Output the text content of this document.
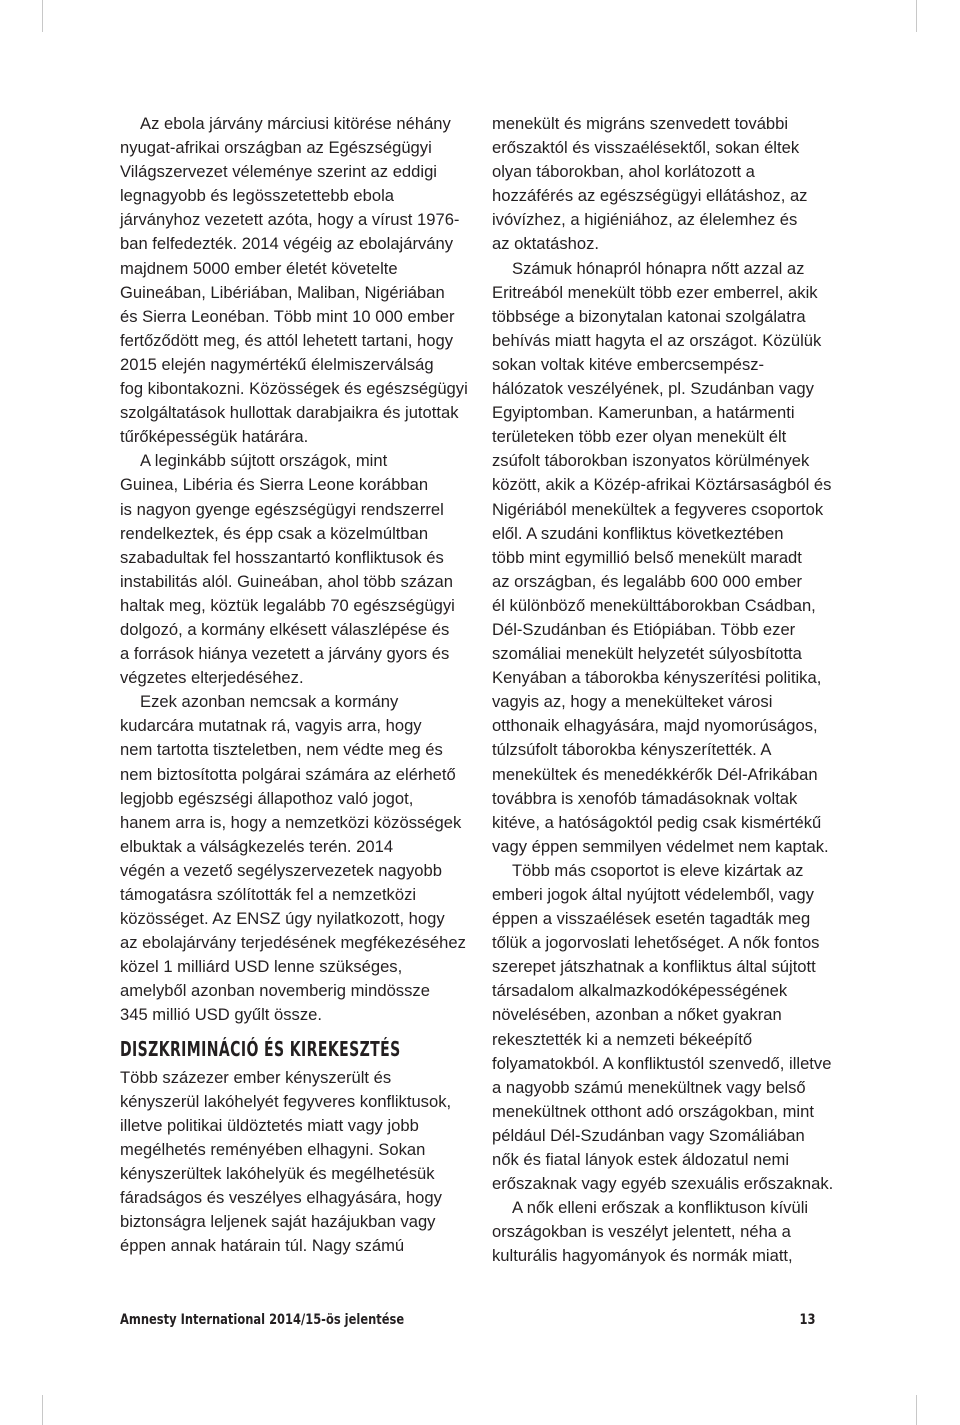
Az ebola járvány márciusi kitörése néhány
nyugat-afrikai országban az Egészségügyi
Világszervezet véleménye szerint az eddigi
legnagyobb és legösszetettebb ebola
járványhoz vezetett azóta, hogy a vírust 1976-
ban felfedezték. 2014 végéig az ebolajárvány
majdnem 5000 ember életét követelte
Guineában, Libériában, Maliban, Nigériában
és Sierra Leonéban. Több mint 10 000 ember
fertőződött meg, és attól lehetett tartani, hogy
2015 elején nagymértékű élelmiszerválság
fog kibontakozni. Közösségek és egészségügyi
szolgáltatások hullottak darabjaikra és jutottak
tűrőképességük határára.
A leginkább sújtott országok, mint
Guinea, Libéria és Sierra Leone korábban
is nagyon gyenge egészségügyi rendszerrel
rendelkeztek, és épp csak a közelmúltban
szabadultak fel hosszantartó konfliktusok és
instabilitás alól. Guineában, ahol több százan
haltak meg, köztük legalább 70 egészségügyi
dolgozó, a kormány elkésett válaszlépése és
a források hiánya vezetett a járvány gyors és
végzetes elterjedéséhez.
Ezek azonban nemcsak a kormány
kudarcára mutatnak rá, vagyis arra, hogy
nem tartotta tiszteletben, nem védte meg és
nem biztosította polgárai számára az elérhető
legjobb egészségi állapothoz való jogot,
hanem arra is, hogy a nemzetközi közösségek
elbuktak a válságkezelés terén. 2014
végén a vezető segélyszervezetek nagyobb
támogatásra szólították fel a nemzetközi
közösséget. Az ENSZ úgy nyilatkozott, hogy
az ebolajárvány terjedésének megfékezéséhez
közel 1 milliárd USD lenne szükséges,
amelyből azonban novemberig mindössze
345 millió USD gyűlt össze.
DISZKRIMINÁCIÓ ÉS KIREKESZTÉS
Több százezer ember kényszerült és
kényszerül lakóhelyét fegyveres konfliktusok,
illetve politikai üldöztetés miatt vagy jobb
megélhetés reményében elhagyni. Sokan
kényszerültek lakóhelyük és megélhetésük
fáradságos és veszélyes elhagyására, hogy
biztonságra leljenek saját hazájukban vagy
éppen annak határain túl. Nagy számú
menekült és migráns szenvedett további
erőszaktól és visszaélésektől, sokan éltek
olyan táborokban, ahol korlátozott a
hozzáférés az egészségügyi ellátáshoz, az
ivóvízhez, a higiéniához, az élelemhez és
az oktatáshoz.
Számuk hónapról hónapra nőtt azzal az
Eritreából menekült több ezer emberrel, akik
többsége a bizonytalan katonai szolgálatra
behívás miatt hagyta el az országot. Közülük
sokan voltak kitéve embercsempész-
hálózatok veszélyének, pl. Szudánban vagy
Egyiptomban. Kamerunban, a határmenti
területeken több ezer olyan menekült élt
zsúfolt táborokban iszonyatos körülmények
között, akik a Közép-afrikai Köztársaságból és
Nigériából menekültek a fegyveres csoportok
elől. A szudáni konfliktus következtében
több mint egymillió belső menekült maradt
az országban, és legalább 600 000 ember
él különböző menekülttáborokban Csádban,
Dél-Szudánban és Etiópiában. Több ezer
szomáliai menekült helyzetét súlyosbította
Kenyában a táborokba kényszerítési politika,
vagyis az, hogy a menekülteket városi
otthonaik elhagyására, majd nyomorúságos,
túlzsúfolt táborokba kényszerítették. A
menekültek és menedékkérők Dél-Afrikában
továbbra is xenofób támadásoknak voltak
kitéve, a hatóságoktól pedig csak kismértékű
vagy éppen semmilyen védelmet nem kaptak.
Több más csoportot is eleve kizártak az
emberi jogok által nyújtott védelemből, vagy
éppen a visszaélések esetén tagadták meg
tőlük a jogorvoslati lehetőséget. A nők fontos
szerepet játszhatnak a konfliktus által sújtott
társadalom alkalmazkodóképességének
növelésében, azonban a nőket gyakran
rekesztették ki a nemzeti békeépítő
folyamatokból. A konfliktustól szenvedő, illetve
a nagyobb számú menekültnek vagy belső
menekültnek otthont adó országokban, mint
például Dél-Szudánban vagy Szomáliában
nők és fiatal lányok estek áldozatul nemi
erőszaknak vagy egyéb szexuális erőszaknak.
A nők elleni erőszak a konfliktuson kívüli
országokban is veszélyt jelentett, néha a
kulturális hagyományok és normák miatt,
Amnesty International 2014/15-ös jelentése	13
